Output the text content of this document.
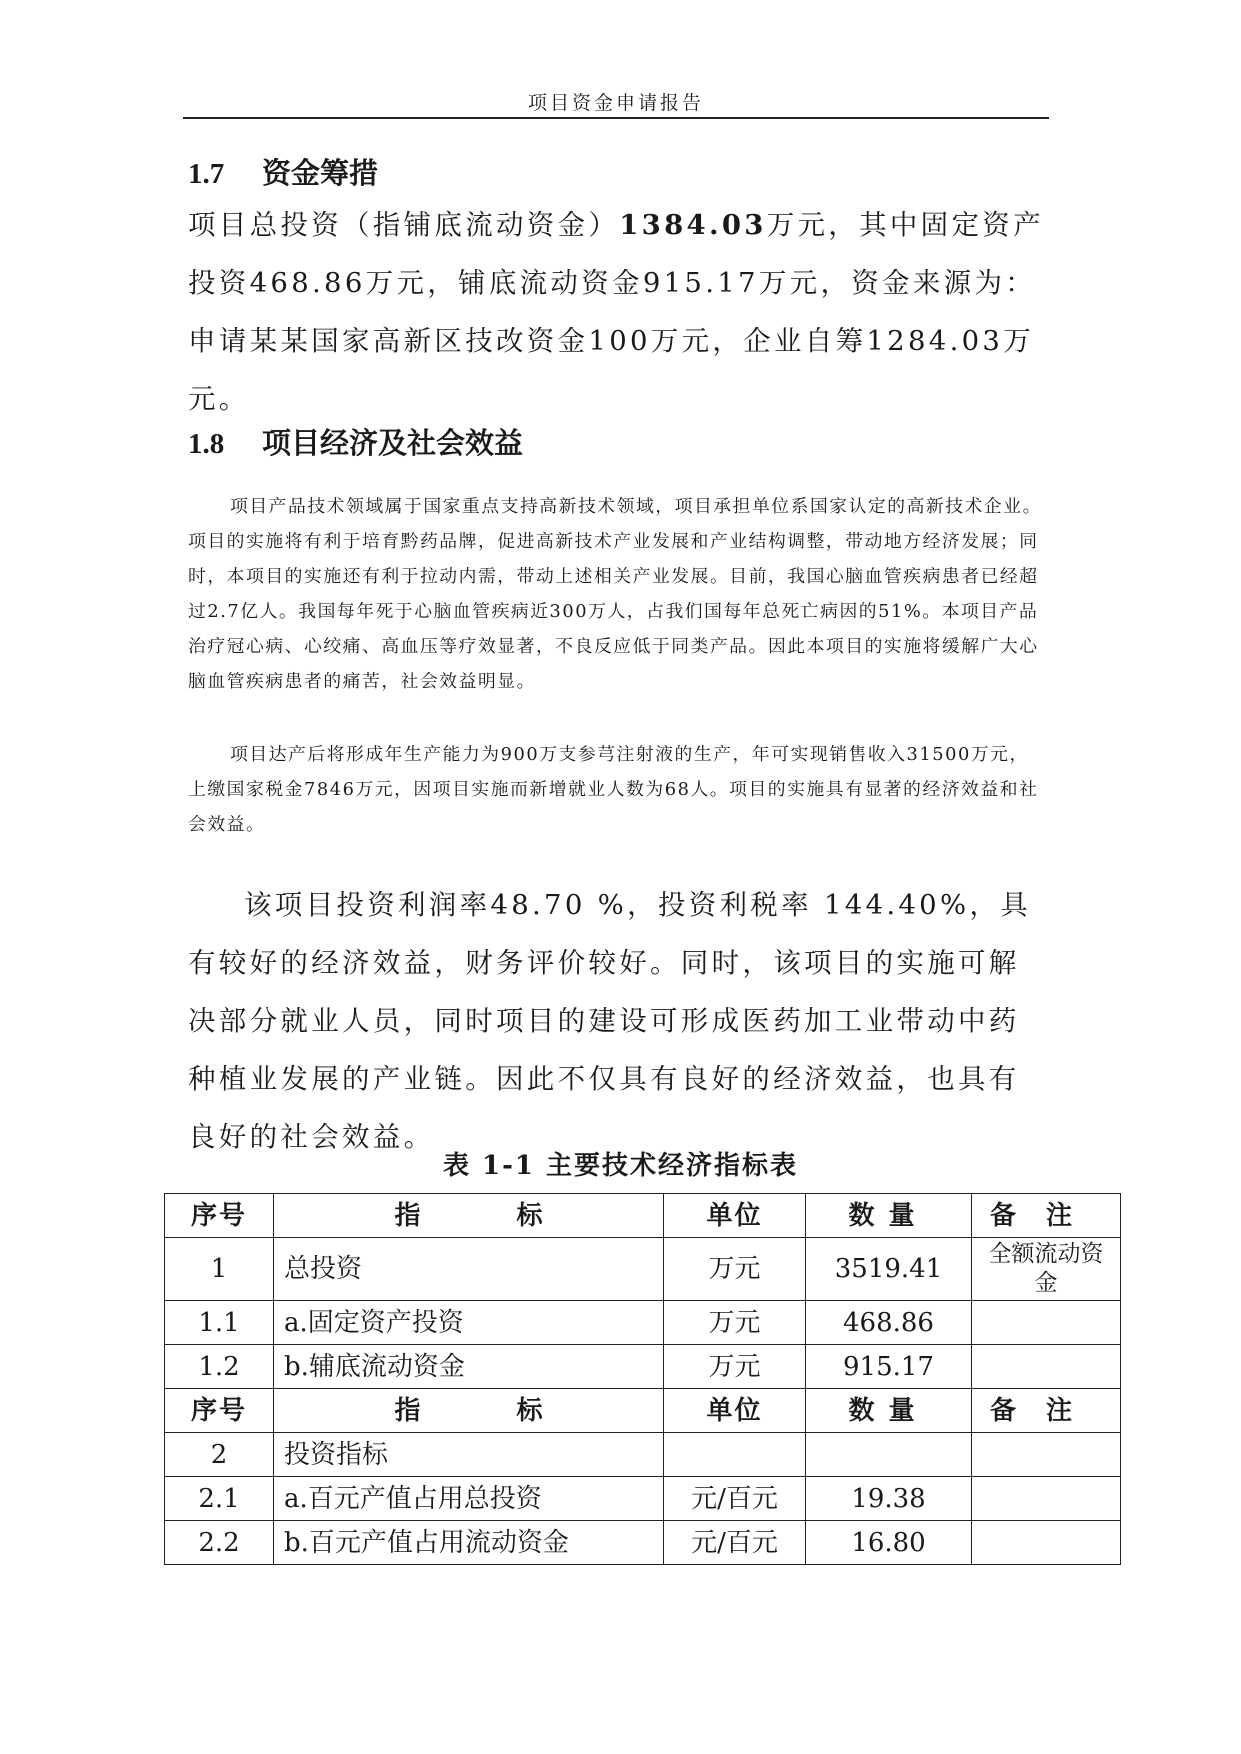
项目资金申请报告
1.7 资金筹措

项目总投资（指铺底流动资金）1384.03万元，其中固定资产投资468.86万元，铺底流动资金915.17万元，资金来源为：申请某某国家高新区技改资金100万元，企业自筹1284.03万元。

1.8 项目经济及社会效益

项目产品技术领域属于国家重点支持高新技术领域，项目承担单位系国家认定的高新技术企业。项目的实施将有利于培育黔药品牌，促进高新技术产业发展和产业结构调整，带动地方经济发展；同时，本项目的实施还有利于拉动内需，带动上述相关产业发展。目前，我国心脑血管疾病患者已经超过2.7亿人。我国每年死于心脑血管疾病近300万人，占我们国每年总死亡病因的51%。本项目产品治疗冠心病、心绞痛、高血压等疗效显著，不良反应低于同类产品。因此本项目的实施将缓解广大心脑血管疾病患者的痛苦，社会效益明显。

项目达产后将形成年生产能力为900万支参芎注射液的生产，年可实现销售收入31500万元，上缴国家税金7846万元，因项目实施而新增就业人数为68人。项目的实施具有显著的经济效益和社会效益。

该项目投资利润率48.70 %，投资利税率 144.40%，具有较好的经济效益，财务评价较好。同时，该项目的实施可解决部分就业人员，同时项目的建设可形成医药加工业带动中药种植业发展的产业链。因此不仅具有良好的经济效益，也具有良好的社会效益。

表 1-1 主要技术经济指标表
序号	指标	单位	数量	备注
1	总投资	万元	3519.41	全额流动资金
1.1	a.固定资产投资	万元	468.86	
1.2	b.辅底流动资金	万元	915.17	
序号	指标	单位	数量	备注
2	投资指标			
2.1	a.百元产值占用总投资	元/百元	19.38	
2.2	b.百元产值占用流动资金	元/百元	16.80	
